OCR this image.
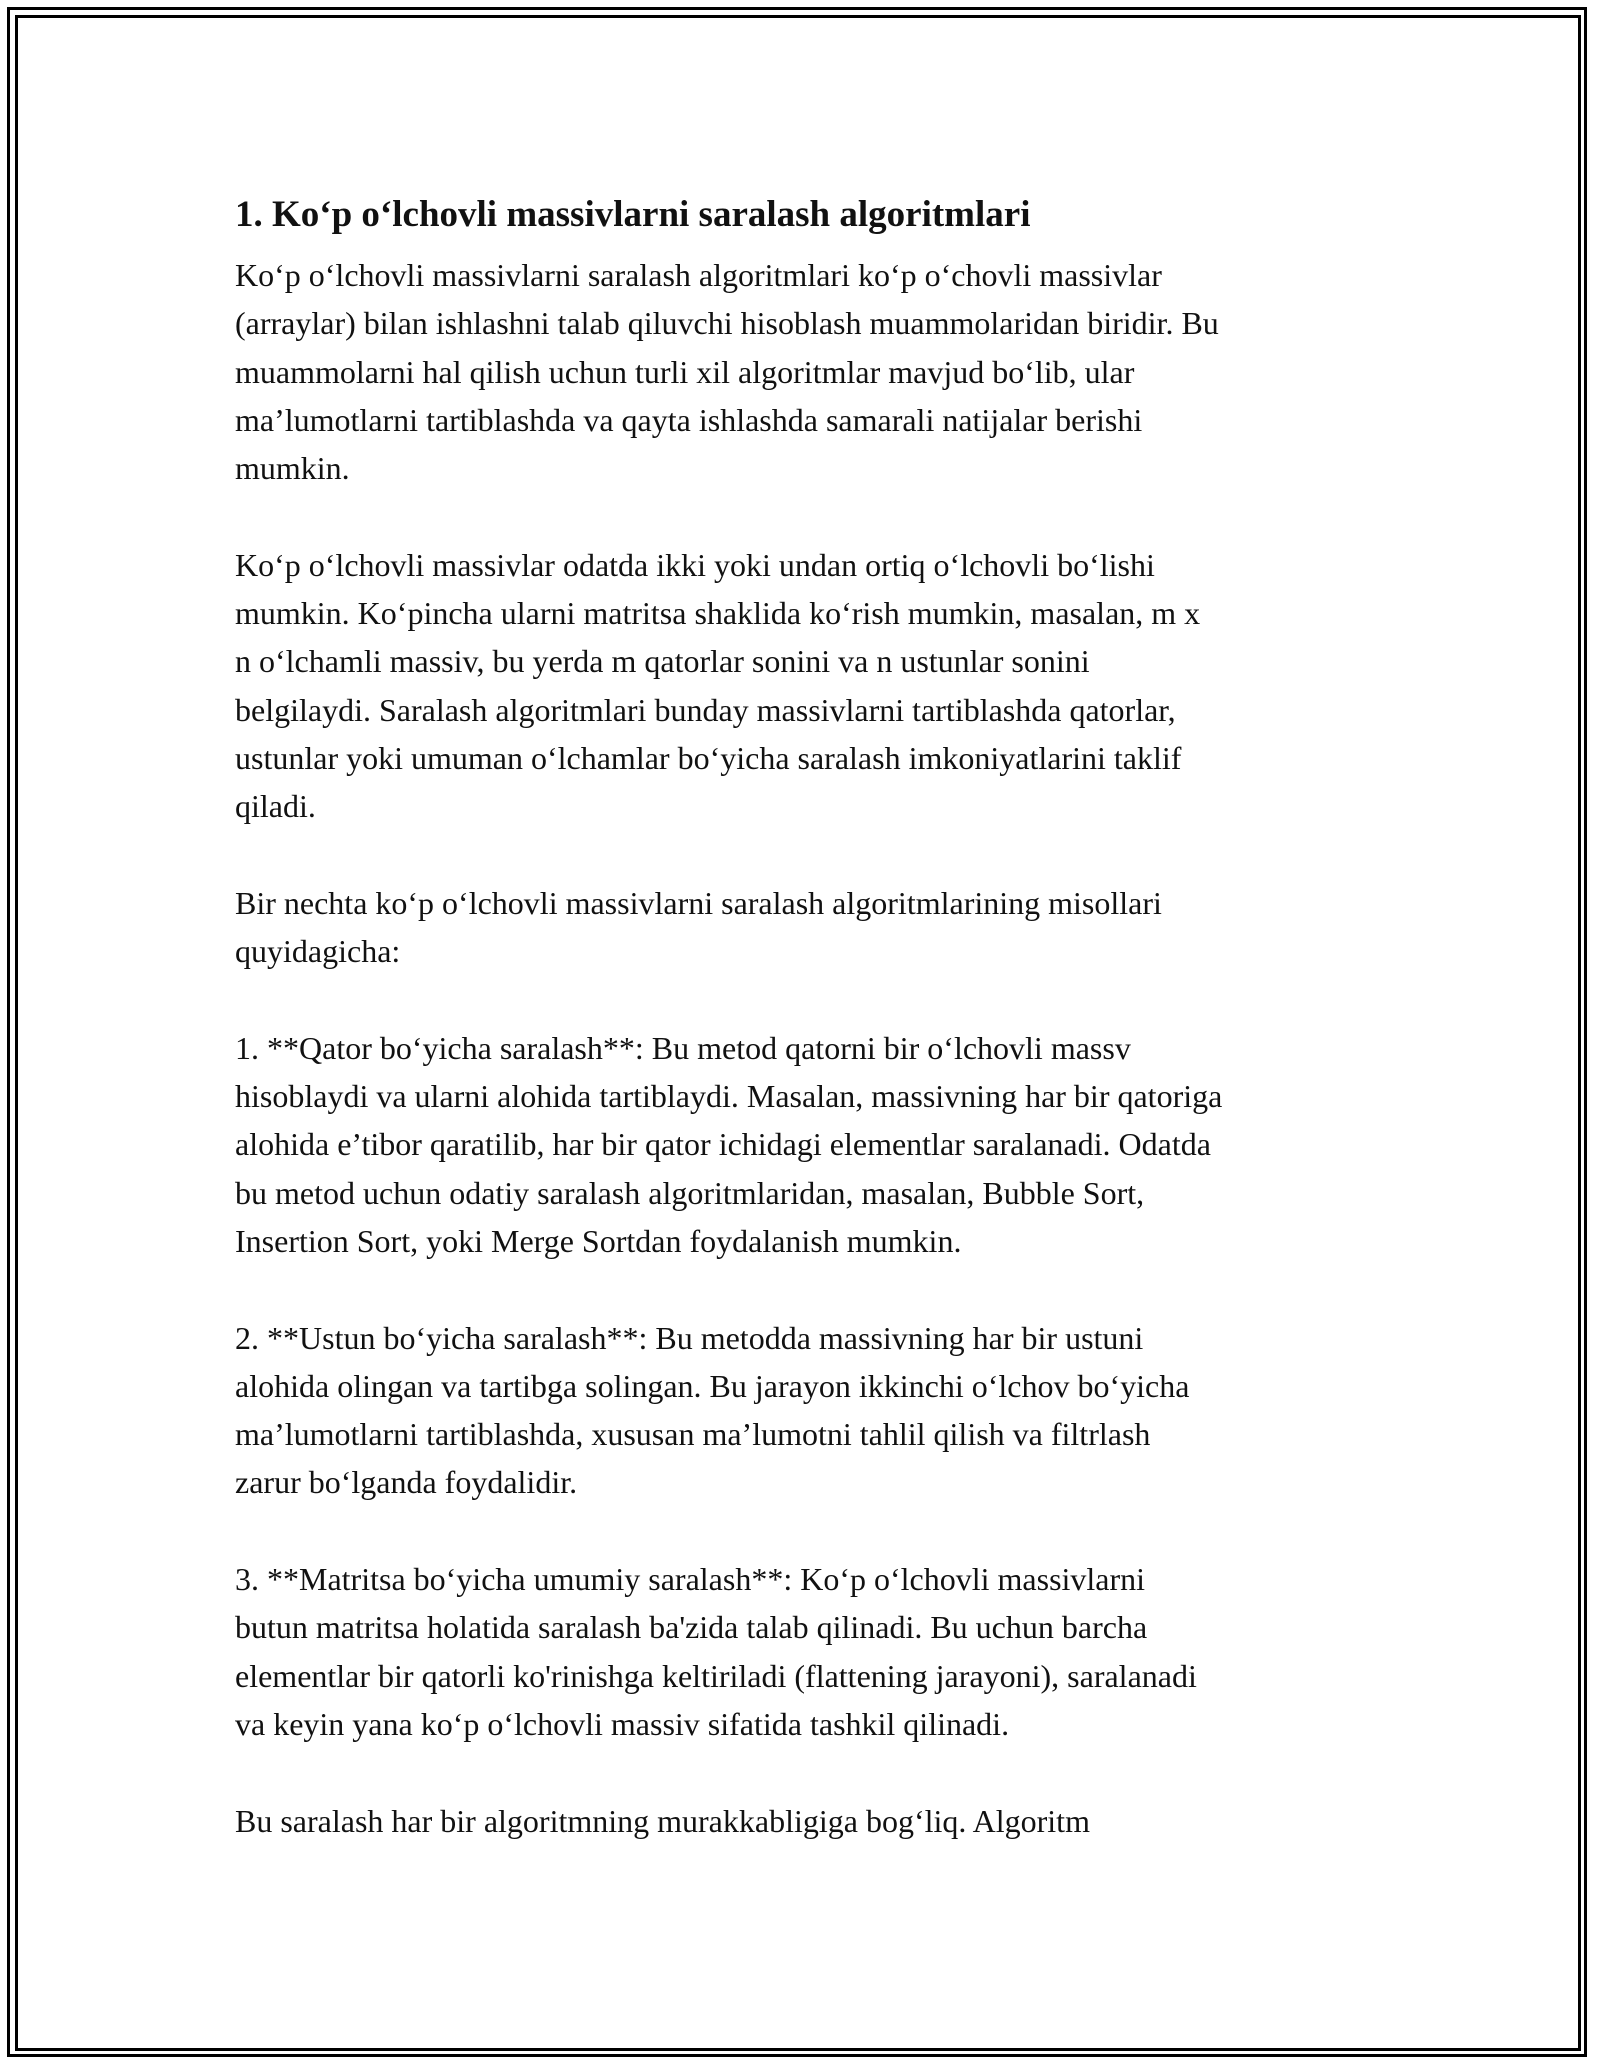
1. Ko‘p o‘lchovli massivlarni saralash algoritmlari
Ko‘p o‘lchovli massivlarni saralash algoritmlari ko‘p o‘chovli massivlar
(arraylar) bilan ishlashni talab qiluvchi hisoblash muammolaridan biridir. Bu
muammolarni hal qilish uchun turli xil algoritmlar mavjud bo‘lib, ular
ma’lumotlarni tartiblashda va qayta ishlashda samarali natijalar berishi
mumkin.
Ko‘p o‘lchovli massivlar odatda ikki yoki undan ortiq o‘lchovli bo‘lishi
mumkin. Ko‘pincha ularni matritsa shaklida ko‘rish mumkin, masalan, m x
n o‘lchamli massiv, bu yerda m qatorlar sonini va n ustunlar sonini
belgilaydi. Saralash algoritmlari bunday massivlarni tartiblashda qatorlar,
ustunlar yoki umuman o‘lchamlar bo‘yicha saralash imkoniyatlarini taklif
qiladi.
Bir nechta ko‘p o‘lchovli massivlarni saralash algoritmlarining misollari
quyidagicha:
1. **Qator bo‘yicha saralash**: Bu metod qatorni bir o‘lchovli massv
hisoblaydi va ularni alohida tartiblaydi. Masalan, massivning har bir qatoriga
alohida e’tibor qaratilib, har bir qator ichidagi elementlar saralanadi. Odatda
bu metod uchun odatiy saralash algoritmlaridan, masalan, Bubble Sort,
Insertion Sort, yoki Merge Sortdan foydalanish mumkin.
2. **Ustun bo‘yicha saralash**: Bu metodda massivning har bir ustuni
alohida olingan va tartibga solingan. Bu jarayon ikkinchi o‘lchov bo‘yicha
ma’lumotlarni tartiblashda, xususan ma’lumotni tahlil qilish va filtrlash
zarur bo‘lganda foydalidir.
3. **Matritsa bo‘yicha umumiy saralash**: Ko‘p o‘lchovli massivlarni
butun matritsa holatida saralash ba'zida talab qilinadi. Bu uchun barcha
elementlar bir qatorli ko'rinishga keltiriladi (flattening jarayoni), saralanadi
va keyin yana ko‘p o‘lchovli massiv sifatida tashkil qilinadi.
Bu saralash har bir algoritmning murakkabligiga bog‘liq. Algoritm
